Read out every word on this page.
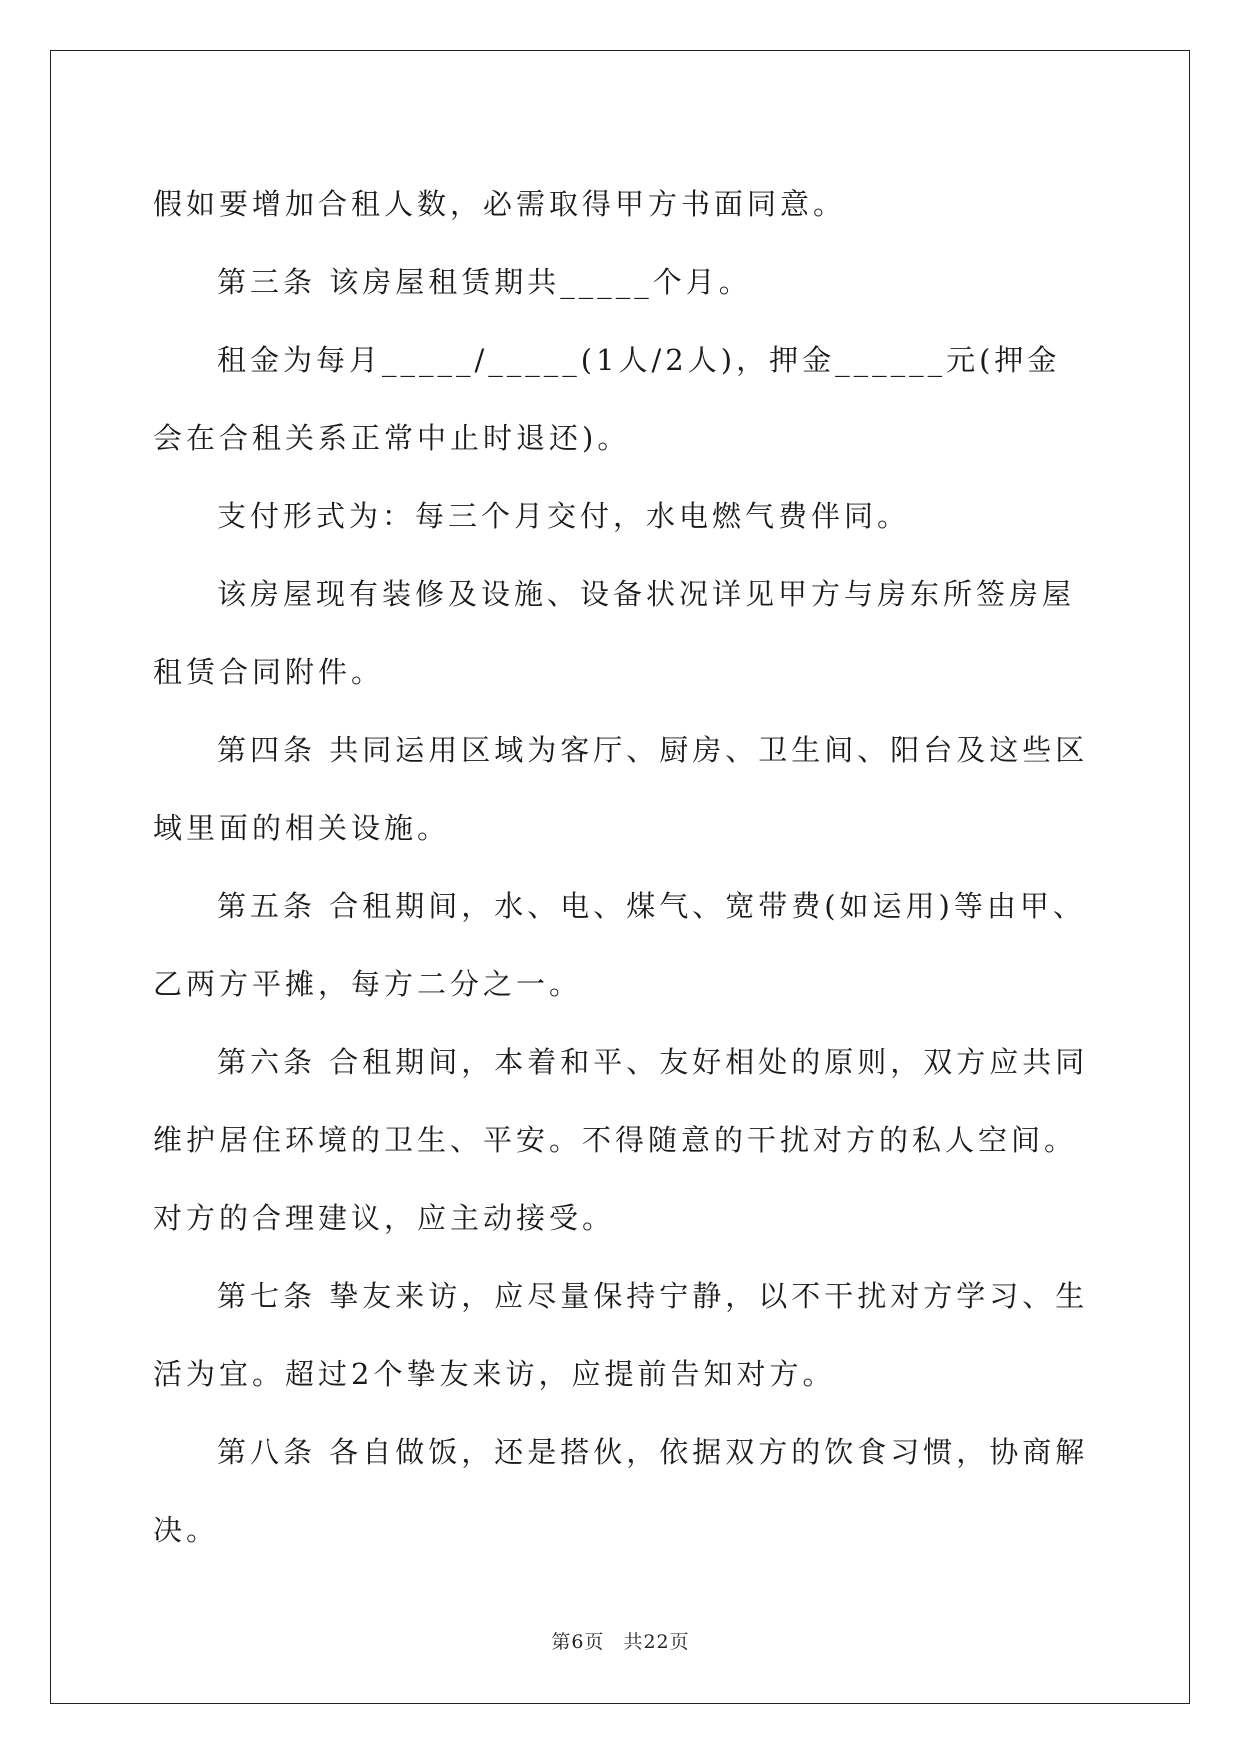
假如要增加合租人数，必需取得甲方书面同意。

第三条 该房屋租赁期共_____个月。

租金为每月_____/_____(1人/2人)，押金______元(押金会在合租关系正常中止时退还)。

支付形式为：每三个月交付，水电燃气费伴同。

该房屋现有装修及设施、设备状况详见甲方与房东所签房屋租赁合同附件。

第四条 共同运用区域为客厅、厨房、卫生间、阳台及这些区域里面的相关设施。

第五条 合租期间，水、电、煤气、宽带费(如运用)等由甲、乙两方平摊，每方二分之一。

第六条 合租期间，本着和平、友好相处的原则，双方应共同维护居住环境的卫生、平安。不得随意的干扰对方的私人空间。对方的合理建议，应主动接受。

第七条 挚友来访，应尽量保持宁静，以不干扰对方学习、生活为宜。超过2个挚友来访，应提前告知对方。

第八条 各自做饭，还是搭伙，依据双方的饮食习惯，协商解决。

第6页 共22页
